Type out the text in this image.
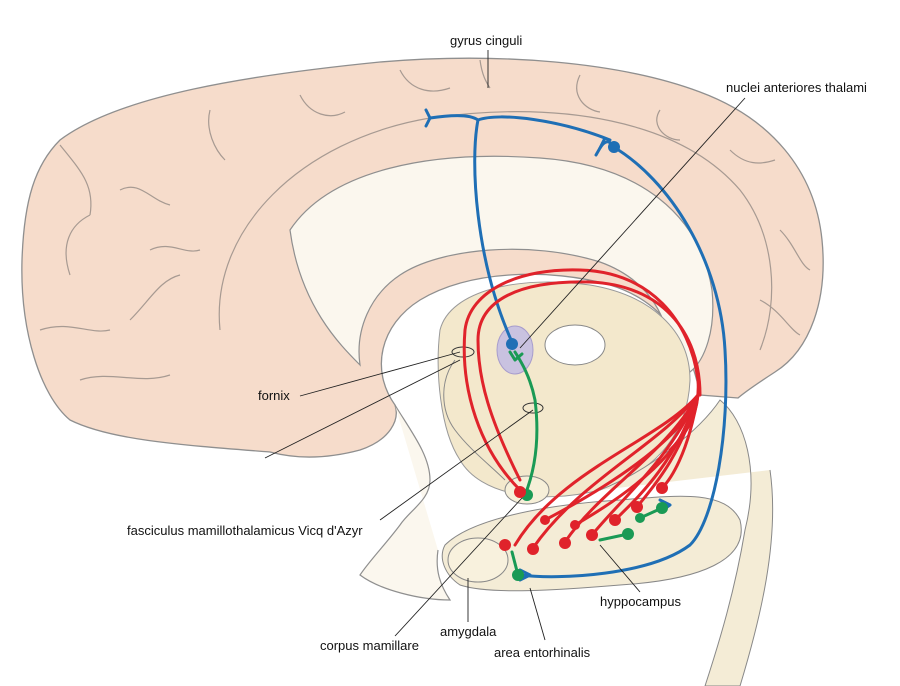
gyrus cinguli
nuclei anteriores thalami
fornix
fasciculus mamillothalamicus Vicq d'Azyr
corpus mamillare
amygdala
hyppocampus
area entorhinalis
